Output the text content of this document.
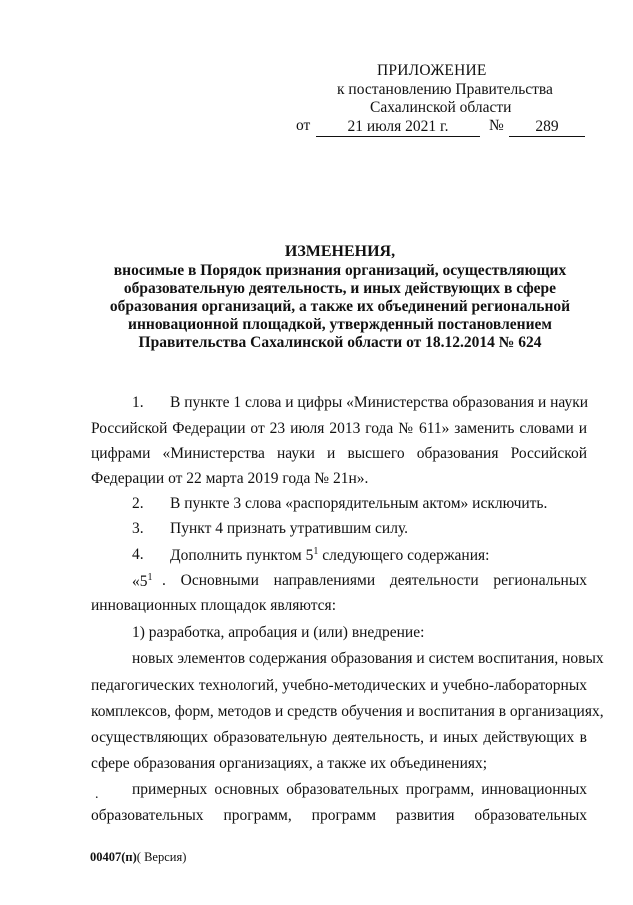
ПРИЛОЖЕНИЕ
к постановлению Правительства
Сахалинской области
от	21 июля 2021 г.	№	289
ИЗМЕНЕНИЯ,
вносимые в Порядок признания организаций, осуществляющих
образовательную деятельность, и иных действующих в сфере
образования организаций, а также их объединений региональной
инновационной площадкой, утвержденный постановлением
Правительства Сахалинской области от 18.12.2014 № 624
1. В пункте 1 слова и цифры «Министерства образования и науки
Российской Федерации от 23 июля 2013 года № 611» заменить словами и
цифрами «Министерства науки и высшего образования Российской
Федерации от 22 марта 2019 года № 21н».
2. В пункте 3 слова «распорядительным актом» исключить.
3. Пункт 4 признать утратившим силу.
4. Дополнить пунктом $5^1$ следующего содержания:
«$5^1$ . Основными направлениями деятельности региональных
инновационных площадок являются:
1) разработка, апробация и (или) внедрение:
новых элементов содержания образования и систем воспитания, новых
педагогических технологий, учебно-методических и учебно-лабораторных
комплексов, форм, методов и средств обучения и воспитания в организациях,
осуществляющих образовательную деятельность, и иных действующих в
сфере образования организациях, а также их объединениях;
. примерных основных образовательных программ, инновационных
образовательных программ, программ развития образовательных
00407(п)( Версия)
